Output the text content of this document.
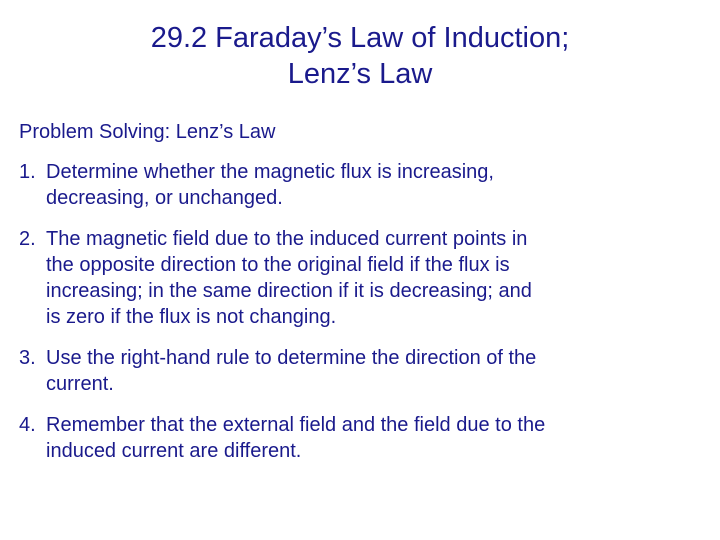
29.2 Faraday’s Law of Induction;
Lenz’s Law
Problem Solving: Lenz’s Law
1. Determine whether the magnetic flux is increasing,
decreasing, or unchanged.
2. The magnetic field due to the induced current points in
the opposite direction to the original field if the flux is
increasing; in the same direction if it is decreasing; and
is zero if the flux is not changing.
3. Use the right-hand rule to determine the direction of the
current.
4. Remember that the external field and the field due to the
induced current are different.
